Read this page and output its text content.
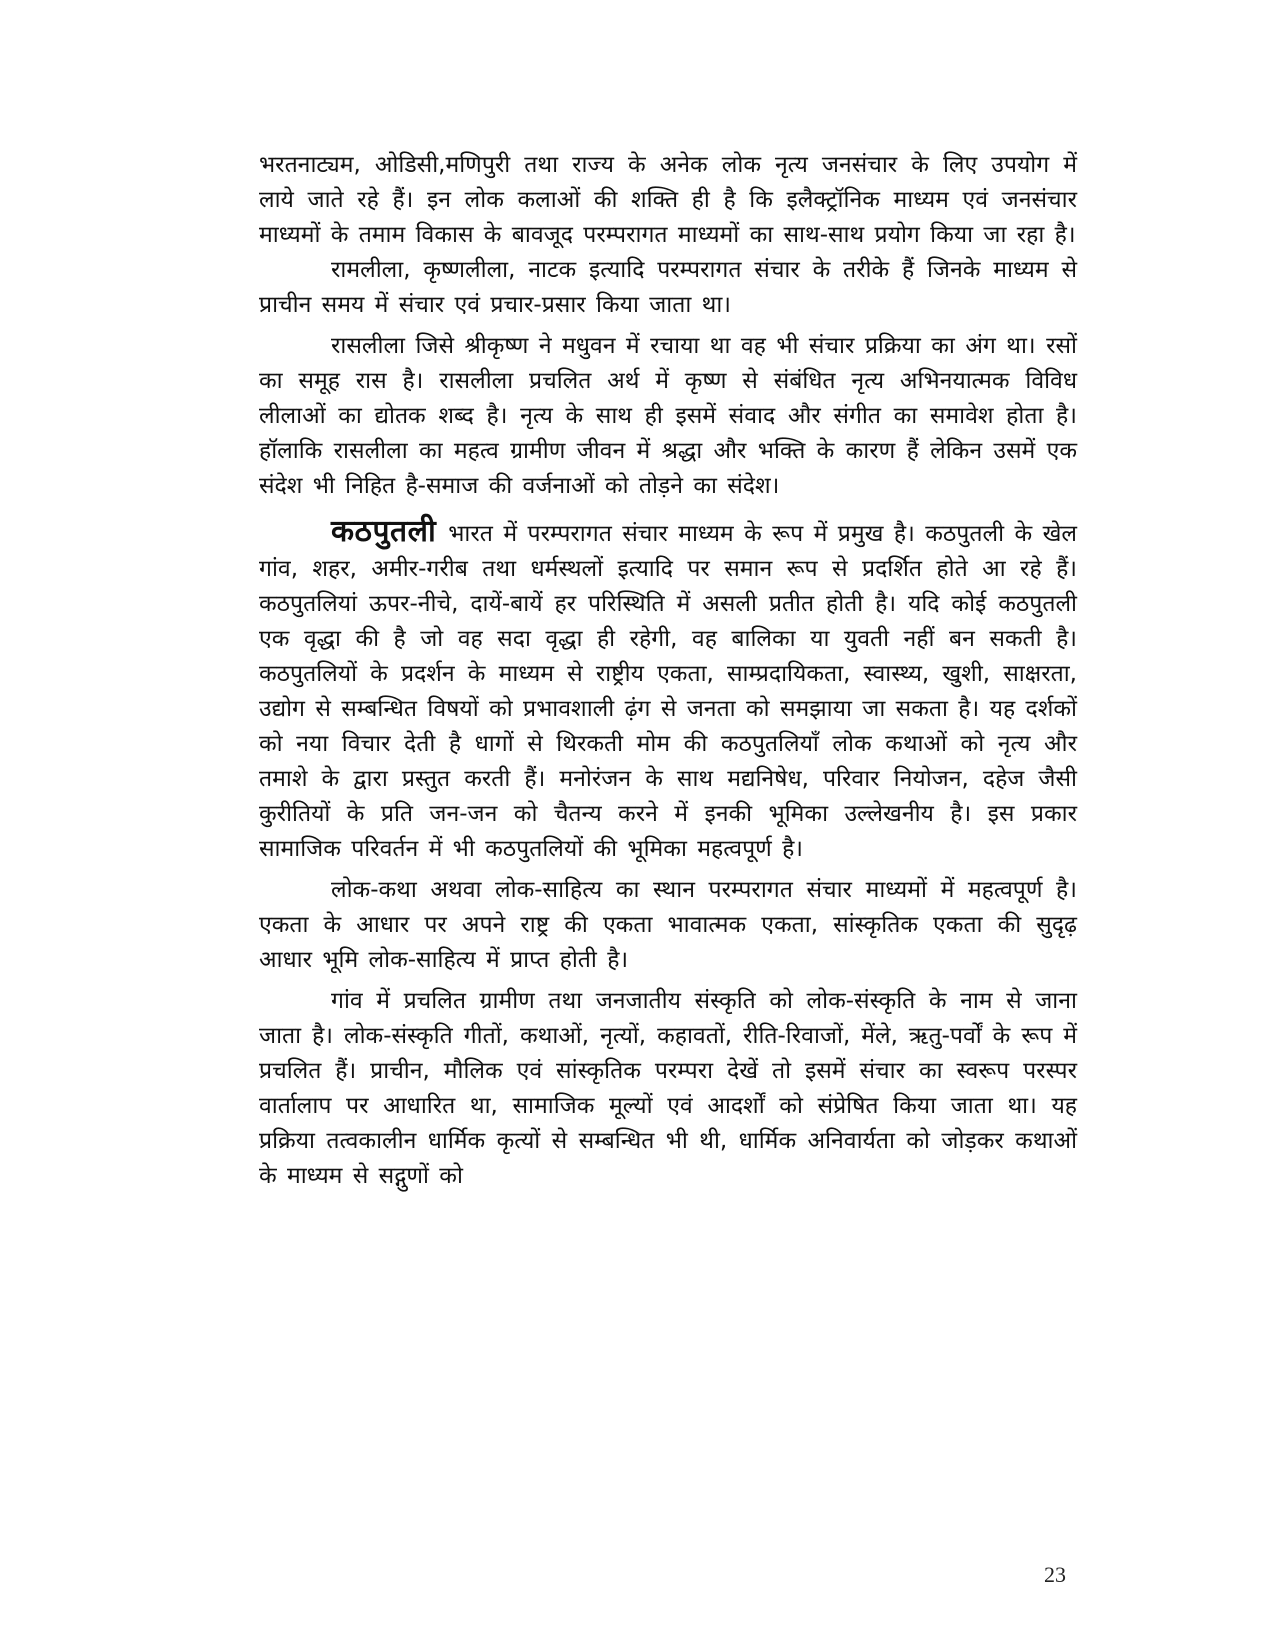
भरतनाट्यम, ओडिसी,मणिपुरी तथा राज्य के अनेक लोक नृत्य जनसंचार के लिए उपयोग में लाये जाते रहे हैं। इन लोक कलाओं की शक्ति ही है कि इलैक्ट्रॉनिक माध्यम एवं जनसंचार माध्यमों के तमाम विकास के बावजूद परम्परागत माध्यमों का साथ-साथ प्रयोग किया जा रहा है।

रामलीला, कृष्णलीला, नाटक इत्यादि परम्परागत संचार के तरीके हैं जिनके माध्यम से प्राचीन समय में संचार एवं प्रचार-प्रसार किया जाता था।

रासलीला जिसे श्रीकृष्ण ने मधुवन में रचाया था वह भी संचार प्रक्रिया का अंग था। रसों का समूह रास है। रासलीला प्रचलित अर्थ में कृष्ण से संबंधित नृत्य अभिनयात्मक विविध लीलाओं का द्योतक शब्द है। नृत्य के साथ ही इसमें संवाद और संगीत का समावेश होता है। हॉलाकि रासलीला का महत्व ग्रामीण जीवन में श्रद्धा और भक्ति के कारण हैं लेकिन उसमें एक संदेश भी निहित है-समाज की वर्जनाओं को तोड़ने का संदेश।

कठपुतली भारत में परम्परागत संचार माध्यम के रूप में प्रमुख है। कठपुतली के खेल गांव, शहर, अमीर-गरीब तथा धर्मस्थलों इत्यादि पर समान रूप से प्रदर्शित होते आ रहे हैं। कठपुतलियां ऊपर-नीचे, दायें-बायें हर परिस्थिति में असली प्रतीत होती है। यदि कोई कठपुतली एक वृद्धा की है जो वह सदा वृद्धा ही रहेगी, वह बालिका या युवती नहीं बन सकती है। कठपुतलियों के प्रदर्शन के माध्यम से राष्ट्रीय एकता, साम्प्रदायिकता, स्वास्थ्य, खुशी, साक्षरता, उद्योग से सम्बन्धित विषयों को प्रभावशाली ढ़ंग से जनता को समझाया जा सकता है। यह दर्शकों को नया विचार देती है धागों से थिरकती मोम की कठपुतलियाँ लोक कथाओं को नृत्य और तमाशे के द्वारा प्रस्तुत करती हैं। मनोरंजन के साथ मद्यनिषेध, परिवार नियोजन, दहेज जैसी कुरीतियों के प्रति जन-जन को चैतन्य करने में इनकी भूमिका उल्लेखनीय है। इस प्रकार सामाजिक परिवर्तन में भी कठपुतलियों की भूमिका महत्वपूर्ण है।

लोक-कथा अथवा लोक-साहित्य का स्थान परम्परागत संचार माध्यमों में महत्वपूर्ण है।एकता के आधार पर अपने राष्ट्र की एकता भावात्मक एकता, सांस्कृतिक एकता की सुदृढ़ आधार भूमि लोक-साहित्य में प्राप्त होती है।

गांव में प्रचलित ग्रामीण तथा जनजातीय संस्कृति को लोक-संस्कृति के नाम से जाना जाता है। लोक-संस्कृति गीतों, कथाओं, नृत्यों, कहावतों, रीति-रिवाजों, मेंले, ऋतु-पर्वों के रूप में प्रचलित हैं। प्राचीन, मौलिक एवं सांस्कृतिक परम्परा देखें तो इसमें संचार का स्वरूप परस्पर वार्तालाप पर आधारित था, सामाजिक मूल्यों एवं आदर्शों को संप्रेषित किया जाता था। यह प्रक्रिया तत्वकालीन धार्मिक कृत्यों से सम्बन्धित भी थी, धार्मिक अनिवार्यता को जोड़कर कथाओं के माध्यम से सद्गुणों को

23
